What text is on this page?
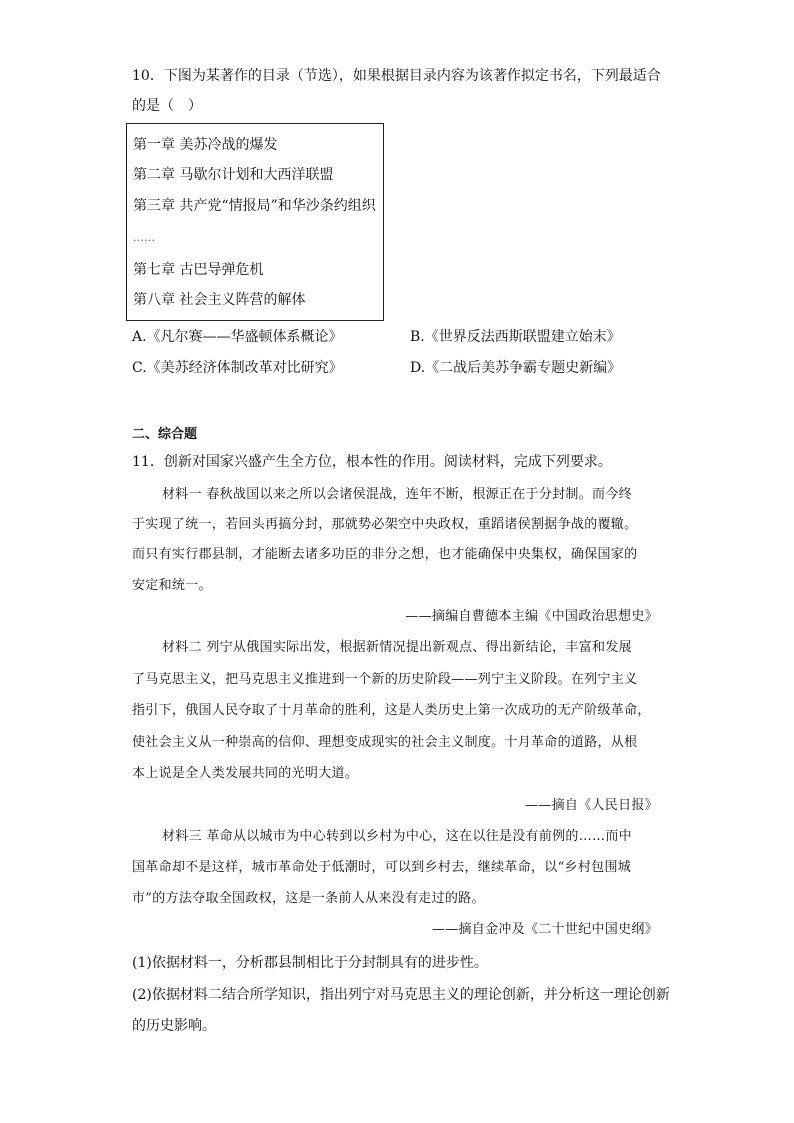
10．下图为某著作的目录（节选），如果根据目录内容为该著作拟定书名，下列最适合
的是（　）
第一章 美苏冷战的爆发
第二章 马歇尔计划和大西洋联盟
第三章 共产党“情报局”和华沙条约组织
……
第七章 古巴导弹危机
第八章 社会主义阵营的解体
A.《凡尔赛——华盛顿体系概论》	B.《世界反法西斯联盟建立始末》
C.《美苏经济体制改革对比研究》	D.《二战后美苏争霸专题史新编》
二、综合题
11．创新对国家兴盛产生全方位，根本性的作用。阅读材料，完成下列要求。
材料一 春秋战国以来之所以会诸侯混战，连年不断，根源正在于分封制。而今终
于实现了统一，若回头再搞分封，那就势必架空中央政权，重蹈诸侯割据争战的覆辙。
而只有实行郡县制，才能断去诸多功臣的非分之想，也才能确保中央集权，确保国家的
安定和统一。
——摘编自曹德本主编《中国政治思想史》
材料二 列宁从俄国实际出发，根据新情况提出新观点、得出新结论，丰富和发展
了马克思主义，把马克思主义推进到一个新的历史阶段——列宁主义阶段。在列宁主义
指引下，俄国人民夺取了十月革命的胜利，这是人类历史上第一次成功的无产阶级革命，
使社会主义从一种崇高的信仰、理想变成现实的社会主义制度。十月革命的道路，从根
本上说是全人类发展共同的光明大道。
——摘自《人民日报》
材料三 革命从以城市为中心转到以乡村为中心，这在以往是没有前例的……而中
国革命却不是这样，城市革命处于低潮时，可以到乡村去，继续革命，以“乡村包围城
市”的方法夺取全国政权，这是一条前人从来没有走过的路。
——摘自金冲及《二十世纪中国史纲》
(1)依据材料一，分析郡县制相比于分封制具有的进步性。
(2)依据材料二结合所学知识，指出列宁对马克思主义的理论创新，并分析这一理论创新
的历史影响。
